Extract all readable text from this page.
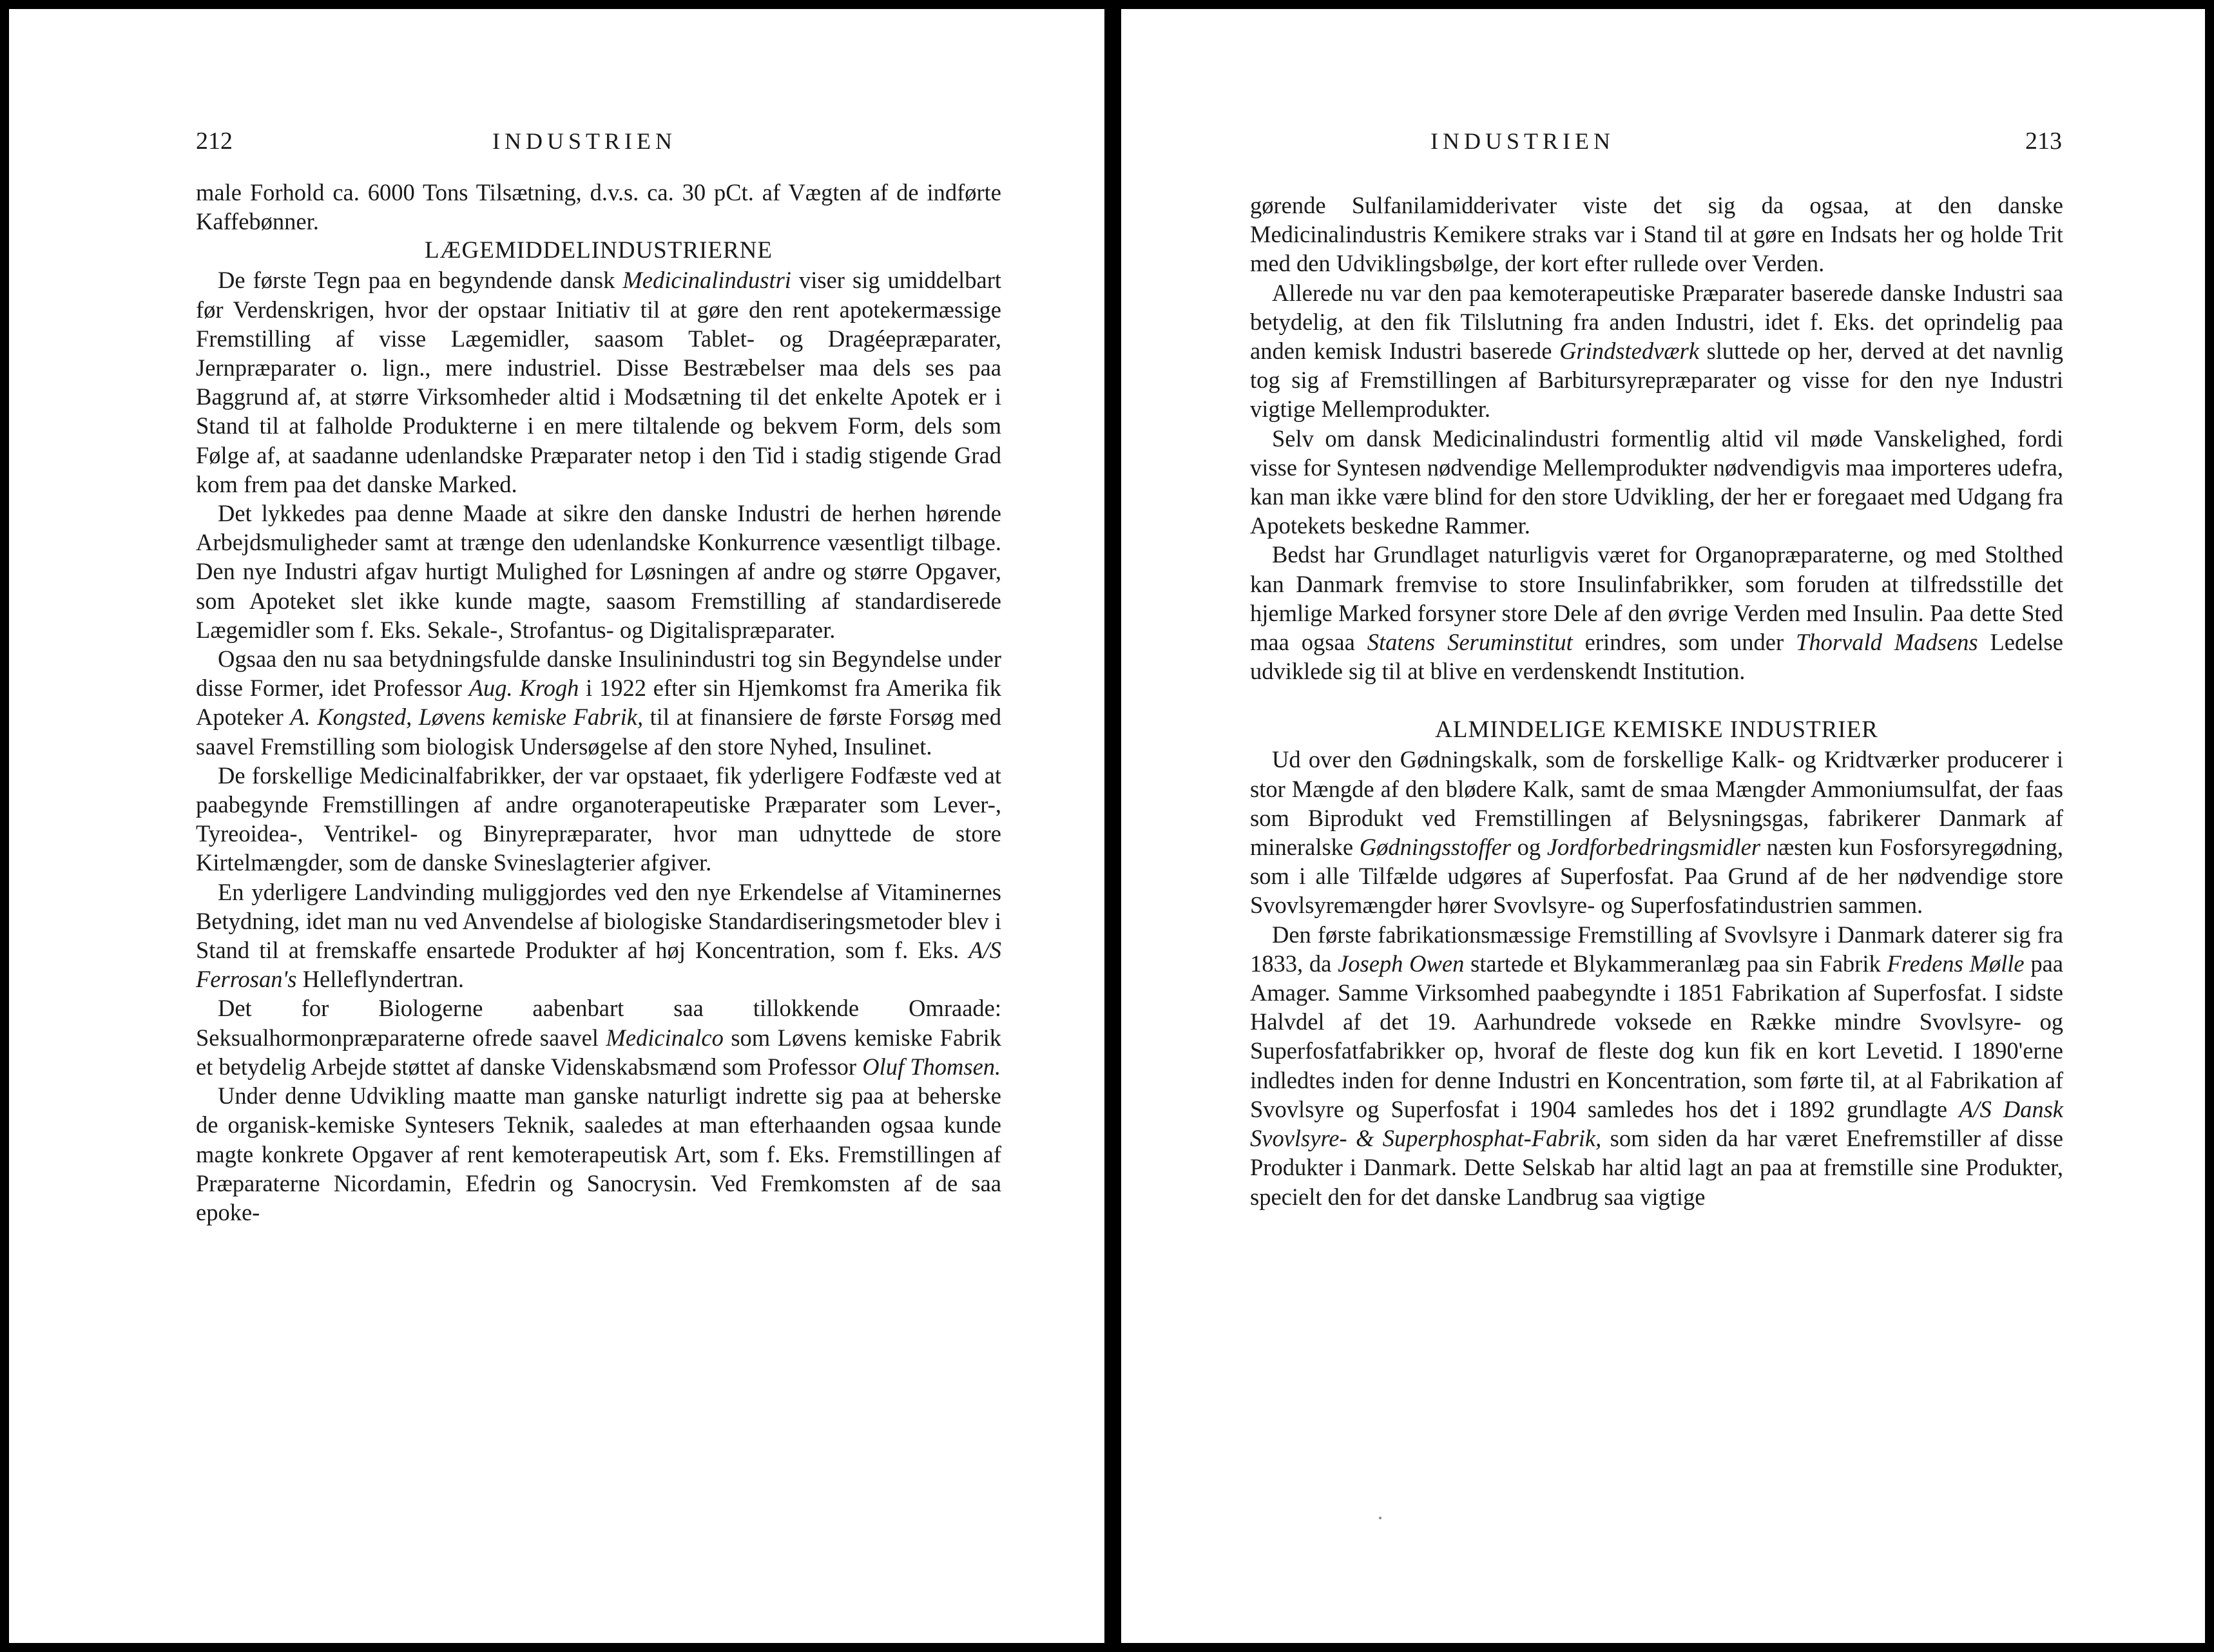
212	INDUSTRIEN

male Forhold ca. 6000 Tons Tilsætning, d.v.s. ca. 30 pCt. af Vægten af de indførte Kaffebønner.

LÆGEMIDDELINDUSTRIERNE

De første Tegn paa en begyndende dansk Medicinalindustri viser sig umiddelbart før Verdenskrigen, hvor der opstaar Initiativ til at gøre den rent apotekermæssige Fremstilling af visse Lægemidler, saasom Tablet- og Dragéepræparater, Jernpræparater o. lign., mere industriel. Disse Bestræbelser maa dels ses paa Baggrund af, at større Virksomheder altid i Modsætning til det enkelte Apotek er i Stand til at falholde Produkterne i en mere tiltalende og bekvem Form, dels som Følge af, at saadanne udenlandske Præparater netop i den Tid i stadig stigende Grad kom frem paa det danske Marked.

Det lykkedes paa denne Maade at sikre den danske Industri de herhen hørende Arbejdsmuligheder samt at trænge den udenlandske Konkurrence væsentligt tilbage. Den nye Industri afgav hurtigt Mulighed for Løsningen af andre og større Opgaver, som Apoteket slet ikke kunde magte, saasom Fremstilling af standardiserede Lægemidler som f. Eks. Sekale-, Strofantus- og Digitalispræparater.

Ogsaa den nu saa betydningsfulde danske Insulinindustri tog sin Begyndelse under disse Former, idet Professor Aug. Krogh i 1922 efter sin Hjemkomst fra Amerika fik Apoteker A. Kongsted, Løvens kemiske Fabrik, til at finansiere de første Forsøg med saavel Fremstilling som biologisk Undersøgelse af den store Nyhed, Insulinet.

De forskellige Medicinalfabrikker, der var opstaaet, fik yderligere Fodfæste ved at paabegynde Fremstillingen af andre organoterapeutiske Præparater som Lever-, Tyreoidea-, Ventrikel- og Binyrepræparater, hvor man udnyttede de store Kirtelmængder, som de danske Svineslagterier afgiver.

En yderligere Landvinding muliggjordes ved den nye Erkendelse af Vitaminernes Betydning, idet man nu ved Anvendelse af biologiske Standardiseringsmetoder blev i Stand til at fremskaffe ensartede Produkter af høj Koncentration, som f. Eks. A/S Ferrosan's Helleflyndertran.

Det for Biologerne aabenbart saa tillokkende Omraade: Seksualhormonpræparaterne ofrede saavel Medicinalco som Løvens kemiske Fabrik et betydelig Arbejde støttet af danske Videnskabsmænd som Professor Oluf Thomsen.

Under denne Udvikling maatte man ganske naturligt indrette sig paa at beherske de organisk-kemiske Syntesers Teknik, saaledes at man efterhaanden ogsaa kunde magte konkrete Opgaver af rent kemoterapeutisk Art, som f. Eks. Fremstillingen af Præparaterne Nicordamin, Efedrin og Sanocrysin. Ved Fremkomsten af de saa epoke-

INDUSTRIEN	213

gørende Sulfanilamidderivater viste det sig da ogsaa, at den danske Medicinalindustris Kemikere straks var i Stand til at gøre en Indsats her og holde Trit med den Udviklingsbølge, der kort efter rullede over Verden.

Allerede nu var den paa kemoterapeutiske Præparater baserede danske Industri saa betydelig, at den fik Tilslutning fra anden Industri, idet f. Eks. det oprindelig paa anden kemisk Industri baserede Grindstedværk sluttede op her, derved at det navnlig tog sig af Fremstillingen af Barbitursyrepræparater og visse for den nye Industri vigtige Mellemprodukter.

Selv om dansk Medicinalindustri formentlig altid vil møde Vanskelighed, fordi visse for Syntesen nødvendige Mellemprodukter nødvendigvis maa importeres udefra, kan man ikke være blind for den store Udvikling, der her er foregaaet med Udgang fra Apotekets beskedne Rammer.

Bedst har Grundlaget naturligvis været for Organopræparaterne, og med Stolthed kan Danmark fremvise to store Insulinfabrikker, som foruden at tilfredsstille det hjemlige Marked forsyner store Dele af den øvrige Verden med Insulin. Paa dette Sted maa ogsaa Statens Seruminstitut erindres, som under Thorvald Madsens Ledelse udviklede sig til at blive en verdenskendt Institution.

ALMINDELIGE KEMISKE INDUSTRIER

Ud over den Gødningskalk, som de forskellige Kalk- og Kridtværker producerer i stor Mængde af den blødere Kalk, samt de smaa Mængder Ammoniumsulfat, der faas som Biprodukt ved Fremstillingen af Belysningsgas, fabrikerer Danmark af mineralske Gødningsstoffer og Jordforbedringsmidler næsten kun Fosforsyregødning, som i alle Tilfælde udgøres af Superfosfat. Paa Grund af de her nødvendige store Svovlsyremængder hører Svovlsyre- og Superfosfatindustrien sammen.

Den første fabrikationsmæssige Fremstilling af Svovlsyre i Danmark daterer sig fra 1833, da Joseph Owen startede et Blykammeranlæg paa sin Fabrik Fredens Mølle paa Amager. Samme Virksomhed paabegyndte i 1851 Fabrikation af Superfosfat. I sidste Halvdel af det 19. Aarhundrede voksede en Række mindre Svovlsyre- og Superfosfatfabrikker op, hvoraf de fleste dog kun fik en kort Levetid. I 1890'erne indledtes inden for denne Industri en Koncentration, som førte til, at al Fabrikation af Svovlsyre og Superfosfat i 1904 samledes hos det i 1892 grundlagte A/S Dansk Svovlsyre- & Superphosphat-Fabrik, som siden da har været Enefremstiller af disse Produkter i Danmark. Dette Selskab har altid lagt an paa at fremstille sine Produkter, specielt den for det danske Landbrug saa vigtige
